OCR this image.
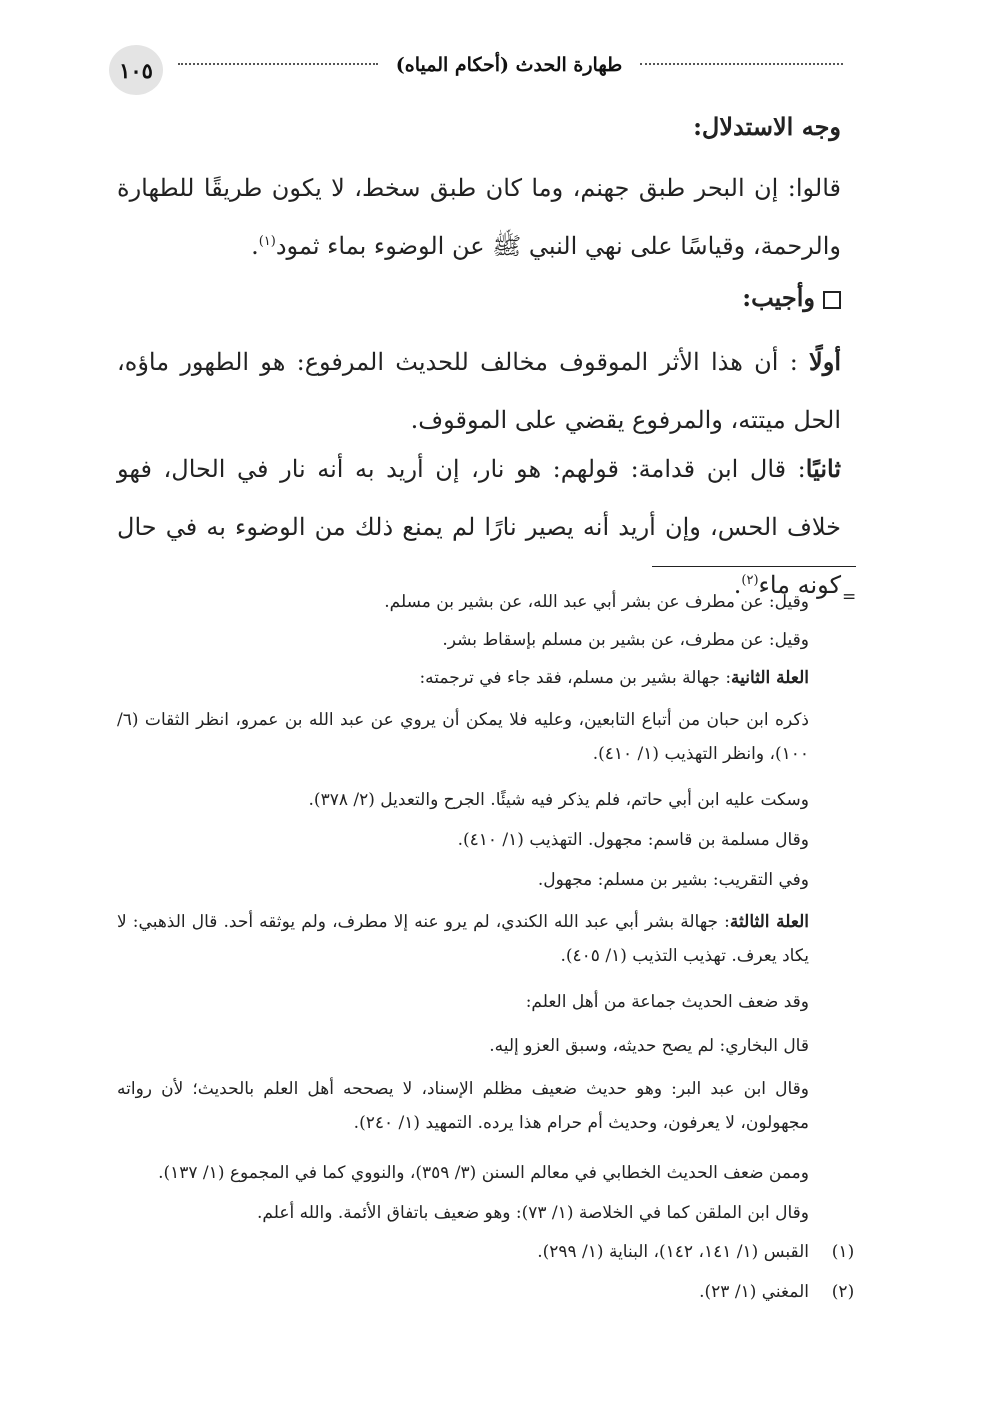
١٠٥	طهارة الحدث (أحكام المياه)
وجه الاستدلال:
قالوا: إن البحر طبق جهنم، وما كان طبق سخط، لا يكون طريقًا للطهارة والرحمة، وقياسًا على نهي النبي ﷺ عن الوضوء بماء ثمود$^{(١)}$.
وأجيب:
أولًا : أن هذا الأثر الموقوف مخالف للحديث المرفوع: هو الطهور ماؤه، الحل ميتته، والمرفوع يقضي على الموقوف.
ثانيًا: قال ابن قدامة: قولهم: هو نار، إن أريد به أنه نار في الحال، فهو خلاف الحس، وإن أريد أنه يصير نارًا لم يمنع ذلك من الوضوء به في حال كونه ماء$^{(٢)}$.	=
وقيل: عن مطرف عن بشر أبي عبد الله، عن بشير بن مسلم.
وقيل: عن مطرف، عن بشير بن مسلم بإسقاط بشر.
العلة الثانية: جهالة بشير بن مسلم، فقد جاء في ترجمته:
ذكره ابن حبان من أتباع التابعين، وعليه فلا يمكن أن يروي عن عبد الله بن عمرو، انظر الثقات (٦/ ١٠٠)، وانظر التهذيب (١/ ٤١٠).
وسكت عليه ابن أبي حاتم، فلم يذكر فيه شيئًا. الجرح والتعديل (٢/ ٣٧٨).
وقال مسلمة بن قاسم: مجهول. التهذيب (١/ ٤١٠).
وفي التقريب: بشير بن مسلم: مجهول.
العلة الثالثة: جهالة بشر أبي عبد الله الكندي، لم يرو عنه إلا مطرف، ولم يوثقه أحد. قال الذهبي: لا يكاد يعرف. تهذيب التذيب (١/ ٤٠٥).
وقد ضعف الحديث جماعة من أهل العلم:
قال البخاري: لم يصح حديثه، وسبق العزو إليه.
وقال ابن عبد البر: وهو حديث ضعيف مظلم الإسناد، لا يصححه أهل العلم بالحديث؛ لأن رواته مجهولون، لا يعرفون، وحديث أم حرام هذا يرده. التمهيد (١/ ٢٤٠).
وممن ضعف الحديث الخطابي في معالم السنن (٣/ ٣٥٩)، والنووي كما في المجموع (١/ ١٣٧).
وقال ابن الملقن كما في الخلاصة (١/ ٧٣): وهو ضعيف باتفاق الأئمة. والله أعلم.
(١)
القبس (١/ ١٤١، ١٤٢)، البناية (١/ ٢٩٩).
(٢)
المغني (١/ ٢٣).
